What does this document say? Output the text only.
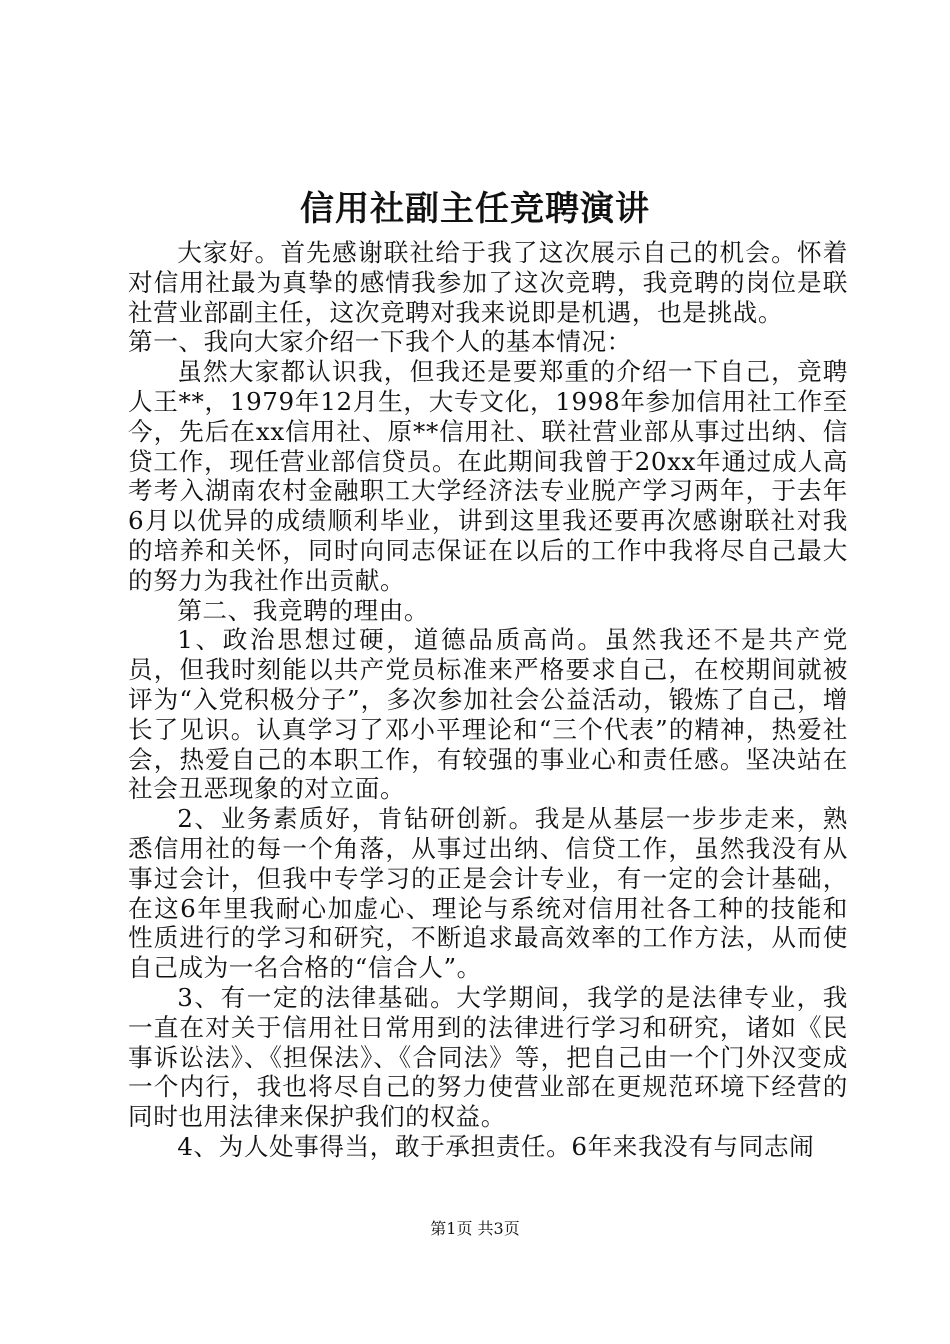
信用社副主任竞聘演讲

大家好。首先感谢联社给于我了这次展示自己的机会。怀着对信用社最为真挚的感情我参加了这次竞聘，我竞聘的岗位是联社营业部副主任，这次竞聘对我来说即是机遇，也是挑战。

第一、我向大家介绍一下我个人的基本情况：

虽然大家都认识我，但我还是要郑重的介绍一下自己，竞聘人王**，1979年12月生，大专文化，1998年参加信用社工作至今，先后在xx信用社、原**信用社、联社营业部从事过出纳、信贷工作，现任营业部信贷员。在此期间我曾于20xx年通过成人高考考入湖南农村金融职工大学经济法专业脱产学习两年，于去年6月以优异的成绩顺利毕业，讲到这里我还要再次感谢联社对我的培养和关怀，同时向同志保证在以后的工作中我将尽自己最大的努力为我社作出贡献。

第二、我竞聘的理由。

1、政治思想过硬，道德品质高尚。虽然我还不是共产党员，但我时刻能以共产党员标准来严格要求自己，在校期间就被评为“入党积极分子”，多次参加社会公益活动，锻炼了自己，增长了见识。认真学习了邓小平理论和“三个代表”的精神，热爱社会，热爱自己的本职工作，有较强的事业心和责任感。坚决站在社会丑恶现象的对立面。

2、业务素质好，肯钻研创新。我是从基层一步步走来，熟悉信用社的每一个角落，从事过出纳、信贷工作，虽然我没有从事过会计，但我中专学习的正是会计专业，有一定的会计基础，在这6年里我耐心加虚心、理论与系统对信用社各工种的技能和性质进行的学习和研究，不断追求最高效率的工作方法，从而使自己成为一名合格的“信合人”。

3、有一定的法律基础。大学期间，我学的是法律专业，我一直在对关于信用社日常用到的法律进行学习和研究，诸如《民事诉讼法》、《担保法》、《合同法》等，把自己由一个门外汉变成一个内行，我也将尽自己的努力使营业部在更规范环境下经营的同时也用法律来保护我们的权益。

4、为人处事得当，敢于承担责任。6年来我没有与同志闹

第1页 共3页
